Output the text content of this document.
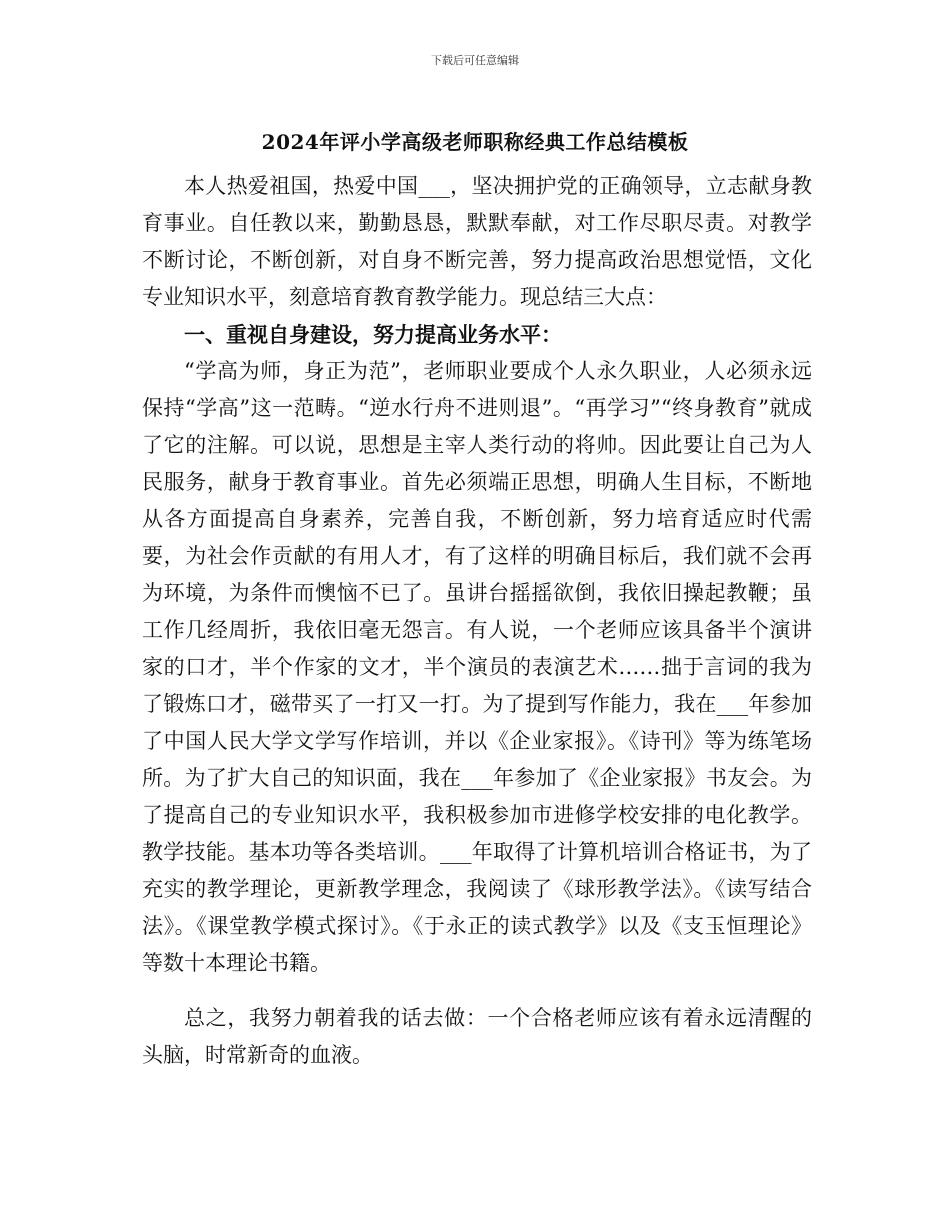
下载后可任意编辑
2024年评小学高级老师职称经典工作总结模板

本人热爱祖国，热爱中国___，坚决拥护党的正确领导，立志献身教育事业。自任教以来，勤勤恳恳，默默奉献，对工作尽职尽责。对教学不断讨论，不断创新，对自身不断完善，努力提高政治思想觉悟，文化专业知识水平，刻意培育教育教学能力。现总结三大点：

一、重视自身建设，努力提高业务水平：

“学高为师，身正为范”，老师职业要成个人永久职业，人必须永远保持“学高”这一范畴。“逆水行舟不进则退”。“再学习”“终身教育”就成了它的注解。可以说，思想是主宰人类行动的将帅。因此要让自己为人民服务，献身于教育事业。首先必须端正思想，明确人生目标，不断地从各方面提高自身素养，完善自我，不断创新，努力培育适应时代需要，为社会作贡献的有用人才，有了这样的明确目标后，我们就不会再为环境，为条件而懊恼不已了。虽讲台摇摇欲倒，我依旧操起教鞭；虽工作几经周折，我依旧毫无怨言。有人说，一个老师应该具备半个演讲家的口才，半个作家的文才，半个演员的表演艺术……拙于言词的我为了锻炼口才，磁带买了一打又一打。为了提到写作能力，我在___年参加了中国人民大学文学写作培训，并以《企业家报》。《诗刊》等为练笔场所。为了扩大自己的知识面，我在___年参加了《企业家报》书友会。为了提高自己的专业知识水平，我积极参加市进修学校安排的电化教学。教学技能。基本功等各类培训。___年取得了计算机培训合格证书，为了充实的教学理论，更新教学理念，我阅读了《球形教学法》。《读写结合法》。《课堂教学模式探讨》。《于永正的读式教学》以及《支玉恒理论》等数十本理论书籍。

总之，我努力朝着我的话去做：一个合格老师应该有着永远清醒的头脑，时常新奇的血液。
